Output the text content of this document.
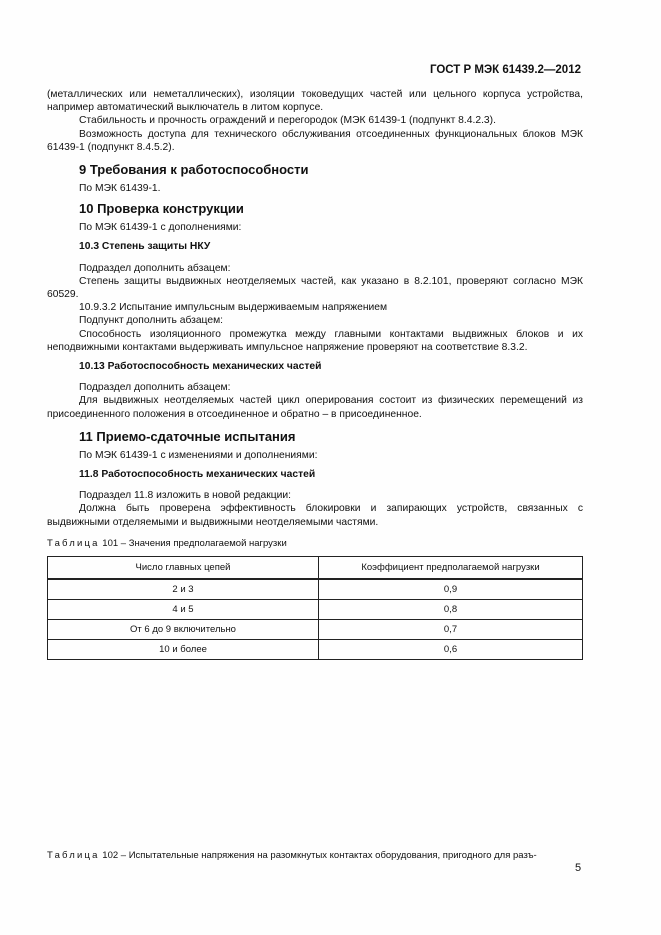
ГОСТ Р МЭК 61439.2—2012

(металлических или неметаллических), изоляции токоведущих частей или цельного корпуса устройства, например автоматический выключатель в литом корпусе.

Стабильность и прочность ограждений и перегородок (МЭК 61439-1 (подпункт 8.4.2.3).

Возможность доступа для технического обслуживания отсоединенных функциональных блоков МЭК 61439-1 (подпункт 8.4.5.2).

9 Требования к работоспособности

По МЭК 61439-1.

10 Проверка конструкции

По МЭК 61439-1 с дополнениями:

10.3 Степень защиты НКУ

Подраздел дополнить абзацем:

Степень защиты выдвижных неотделяемых частей, как указано в 8.2.101, проверяют согласно МЭК 60529.

10.9.3.2 Испытание импульсным выдерживаемым напряжением

Подпункт дополнить абзацем:

Способность изоляционного промежутка между главными контактами выдвижных блоков и их неподвижными контактами выдерживать импульсное напряжение проверяют на соответствие 8.3.2.

10.13 Работоспособность механических частей

Подраздел дополнить абзацем:

Для выдвижных неотделяемых частей цикл оперирования состоит из физических перемещений из присоединенного положения в отсоединенное и обратно – в присоединенное.

11 Приемо-сдаточные испытания

По МЭК 61439-1 с изменениями и дополнениями:

11.8 Работоспособность механических частей

Подраздел 11.8 изложить в новой редакции:

Должна быть проверена эффективность блокировки и запирающих устройств, связанных с выдвижными отделяемыми и выдвижными неотделяемыми частями.

Таблица 101 – Значения предполагаемой нагрузки

Число главных цепей	Коэффициент предполагаемой нагрузки
2 и 3	0,9
4 и 5	0,8
От 6 до 9 включительно	0,7
10 и более	0,6
Таблица 102 – Испытательные напряжения на разомкнутых контактах оборудования, пригодного для разъ-
5
